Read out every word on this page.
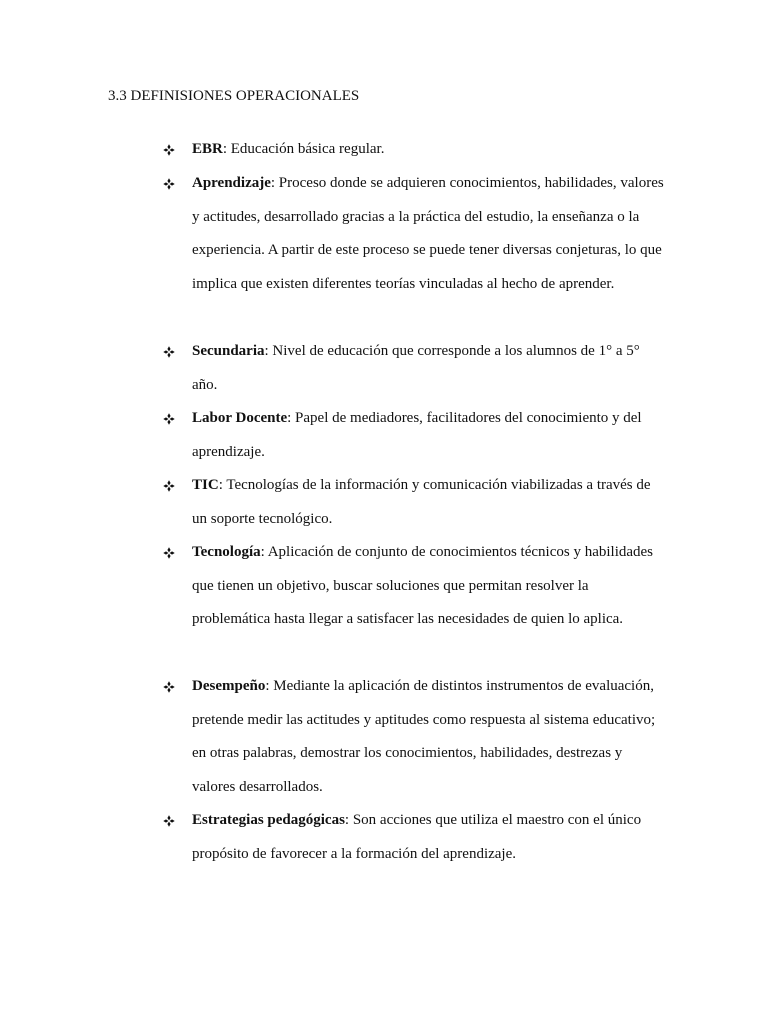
3.3 DEFINISIONES OPERACIONALES
EBR: Educación básica regular.
Aprendizaje: Proceso donde se adquieren conocimientos, habilidades, valores y actitudes, desarrollado gracias a la práctica del estudio, la enseñanza o la experiencia. A partir de este proceso se puede tener diversas conjeturas, lo que implica que existen diferentes teorías vinculadas al hecho de aprender.
Secundaria: Nivel de educación que corresponde a los alumnos de 1° a 5° año.
Labor Docente: Papel de mediadores, facilitadores del conocimiento y del aprendizaje.
TIC: Tecnologías de la información y comunicación viabilizadas a través de un soporte tecnológico.
Tecnología: Aplicación de conjunto de conocimientos técnicos y habilidades que tienen un objetivo, buscar soluciones que permitan resolver la problemática hasta llegar a satisfacer las necesidades de quien lo aplica.
Desempeño: Mediante la aplicación de distintos instrumentos de evaluación, pretende medir las actitudes y aptitudes como respuesta al sistema educativo; en otras palabras, demostrar los conocimientos, habilidades, destrezas y valores desarrollados.
Estrategias pedagógicas: Son acciones que utiliza el maestro con el único propósito de favorecer a la formación del aprendizaje.
